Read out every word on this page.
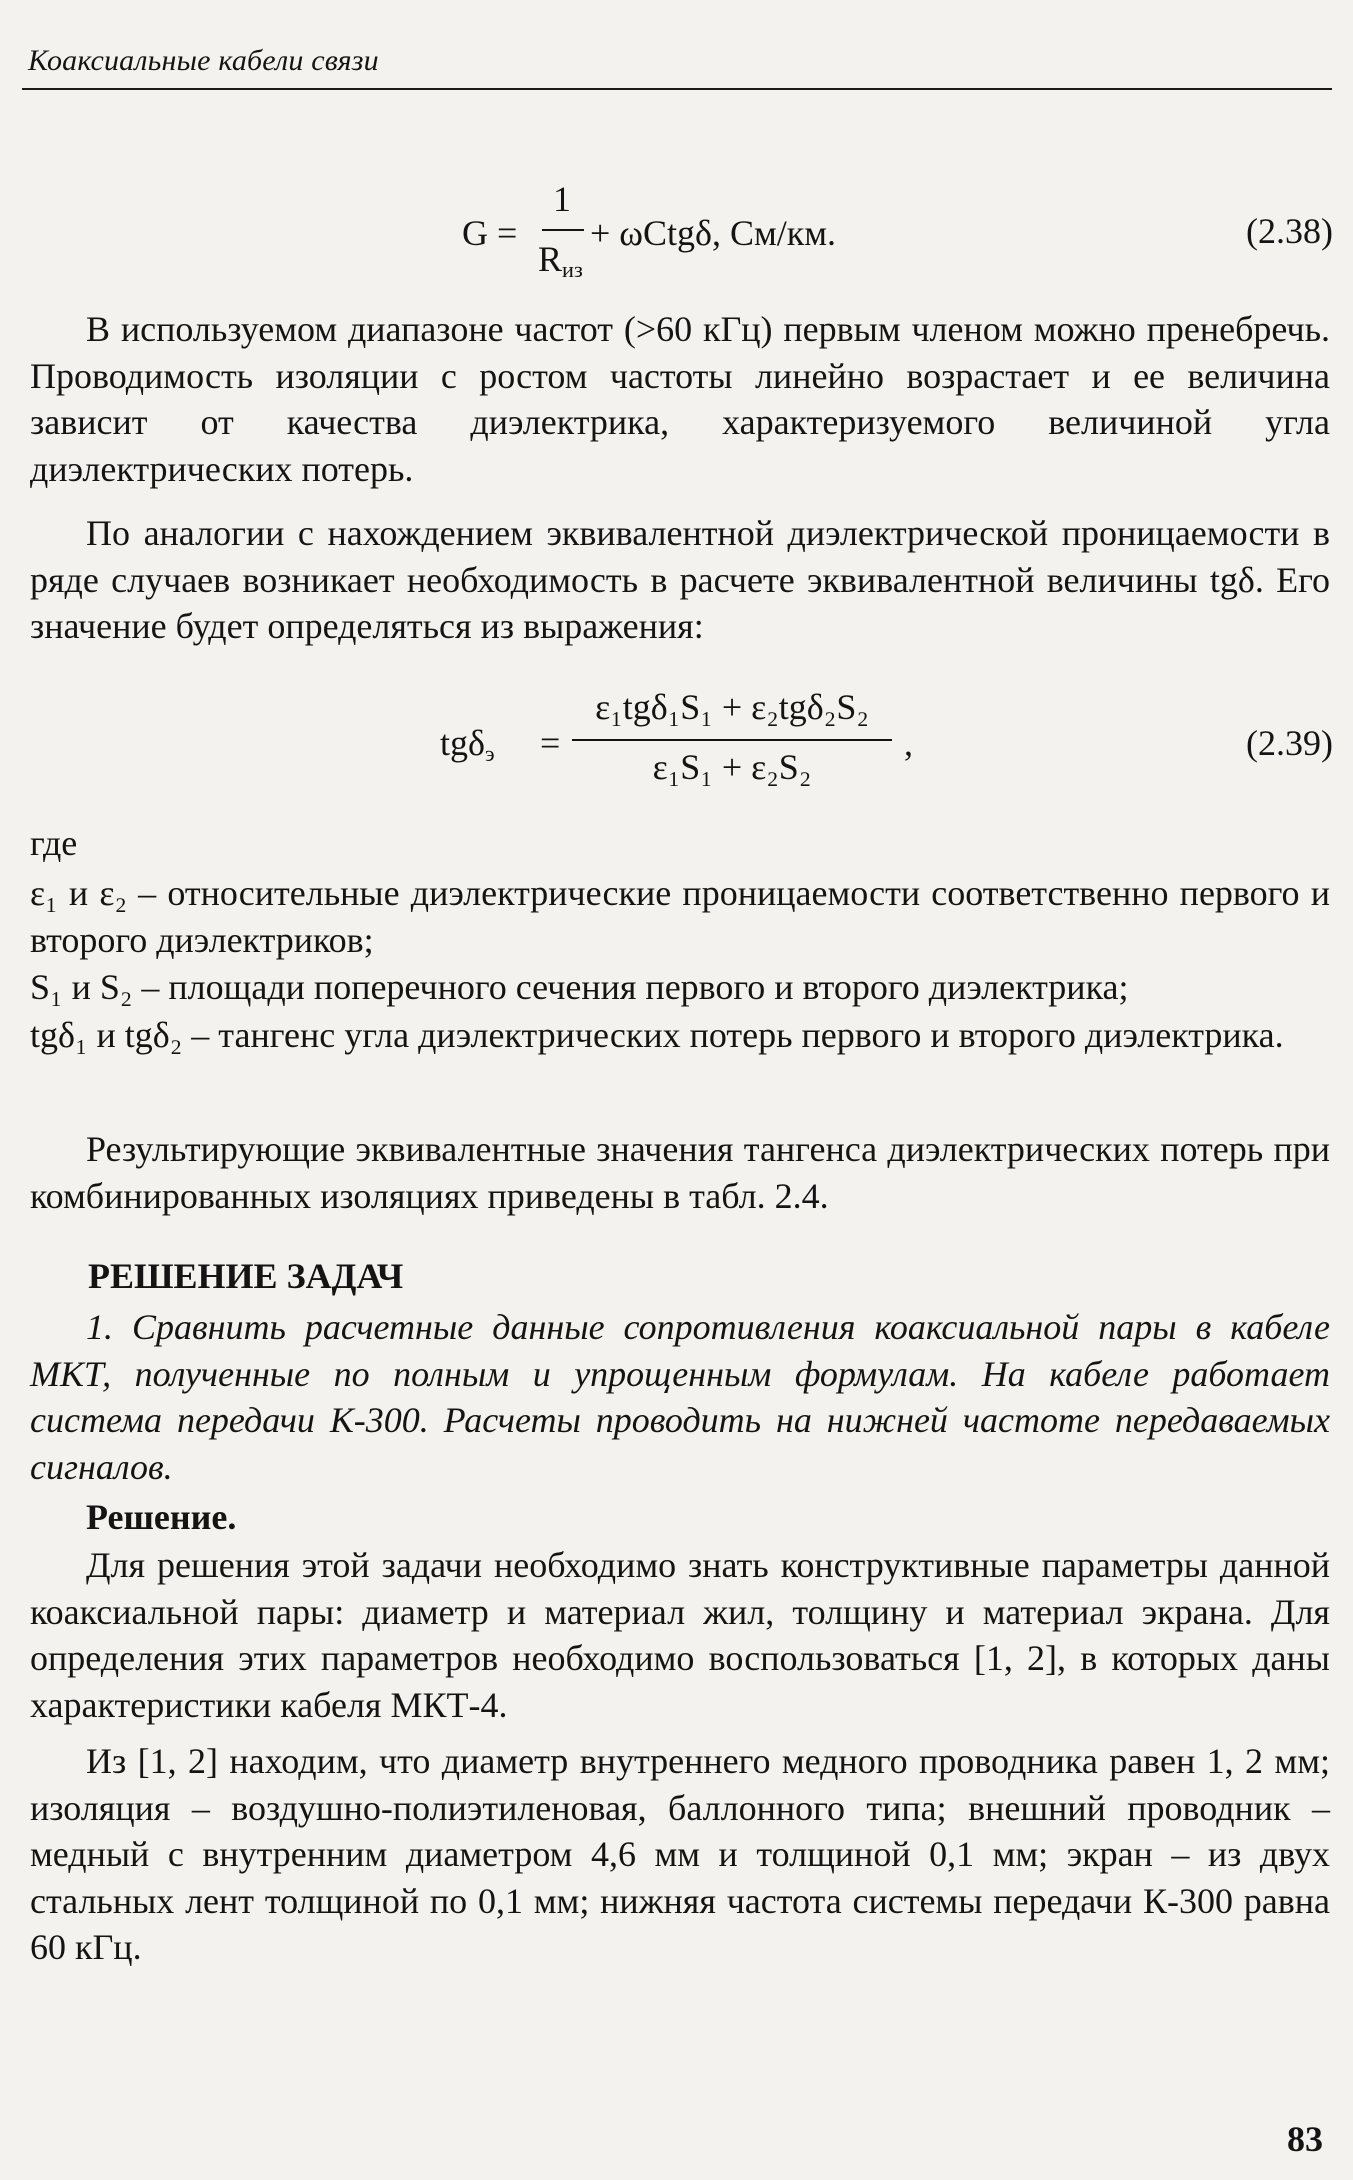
Коаксиальные кабели связи
G =
1
$R_{из}$
+ ωCtgδ, См/км.	(2.38)

В используемом диапазоне частот (>60 кГц) первым членом можно пренебречь. Проводимость изоляции с ростом частоты линейно возрастает и ее величина зависит от качества диэлектрика, характеризуемого величиной угла диэлектрических потерь.

По аналогии с нахождением эквивалентной диэлектрической проницаемости в ряде случаев возникает необходимость в расчете эквивалентной величины tgδ. Его значение будет определяться из выражения:

tgδ$_э$ =
ε₁tgδ₁S₁ + ε₂tgδ₂S₂
ε₁S₁ + ε₂S₂
,	(2.39)

где

ε₁ и ε₂ – относительные диэлектрические проницаемости соответственно первого и второго диэлектриков;

S₁ и S₂ – площади поперечного сечения первого и второго диэлектрика;

tgδ₁ и tgδ₂ – тангенс угла диэлектрических потерь первого и второго диэлектрика.

Результирующие эквивалентные значения тангенса диэлектрических потерь при комбинированных изоляциях приведены в табл. 2.4.

РЕШЕНИЕ ЗАДАЧ

1. Сравнить расчетные данные сопротивления коаксиальной пары в кабеле МКТ, полученные по полным и упрощенным формулам. На кабеле работает система передачи К-300. Расчеты проводить на нижней частоте передаваемых сигналов.

Решение.

Для решения этой задачи необходимо знать конструктивные параметры данной коаксиальной пары: диаметр и материал жил, толщину и материал экрана. Для определения этих параметров необходимо воспользоваться [1, 2], в которых даны характеристики кабеля МКТ-4.

Из [1, 2] находим, что диаметр внутреннего медного проводника равен 1, 2 мм; изоляция – воздушно-полиэтиленовая, баллонного типа; внешний проводник – медный с внутренним диаметром 4,6 мм и толщиной 0,1 мм; экран – из двух стальных лент толщиной по 0,1 мм; нижняя частота системы передачи К-300 равна 60 кГц.

83
